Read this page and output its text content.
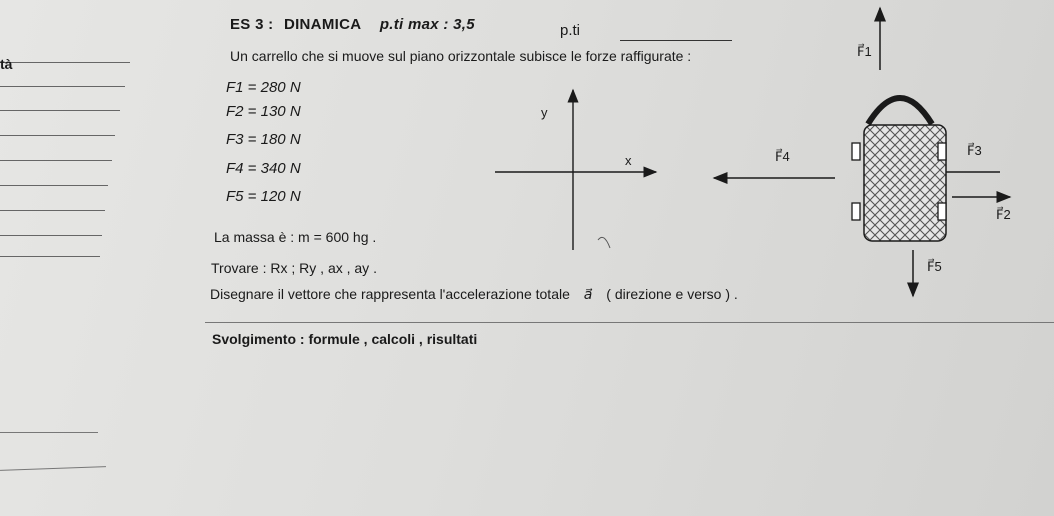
tà
ES 3 : DINAMICA p.ti max : 3,5	p.ti
Un carrello che si muove sul piano orizzontale subisce le forze raffigurate :
F1 = 280 N
F2 = 130 N
F3 = 180 N
F4 = 340 N
F5 = 120 N
La massa è : m = 600 hg .
Trovare : Rx ; Ry , ax , ay .
Disegnare il vettore che rappresenta l'accelerazione totale a⃗ ( direzione e verso ) .
Svolgimento : formule , calcoli , risultati
x
y
F⃗1
F⃗3
F⃗2
F⃗4
F⃗5
